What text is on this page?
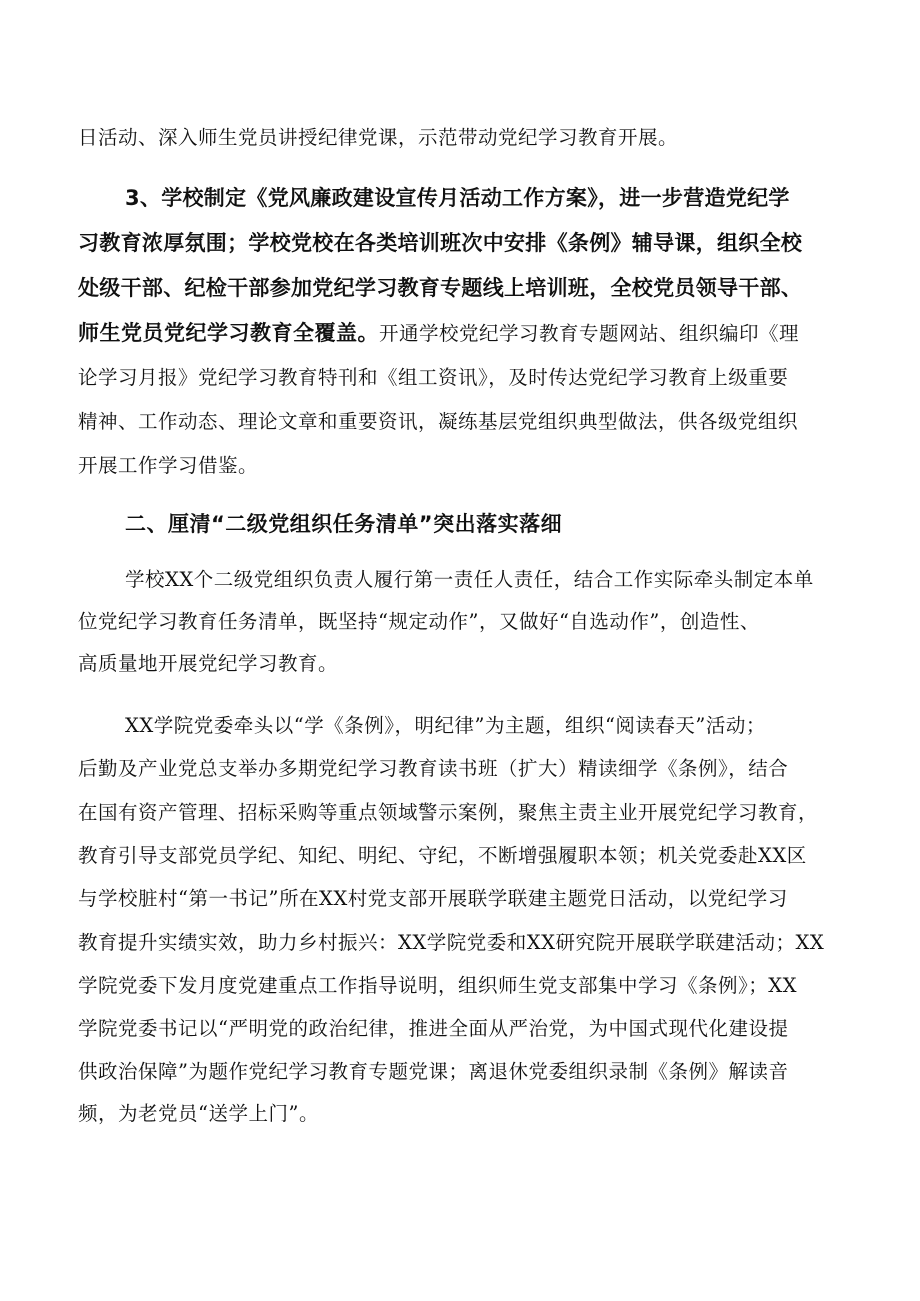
日活动、深入师生党员讲授纪律党课，示范带动党纪学习教育开展。
3、学校制定《党风廉政建设宣传月活动工作方案》，进一步营造党纪学
习教育浓厚氛围；学校党校在各类培训班次中安排《条例》辅导课，组织全校
处级干部、纪检干部参加党纪学习教育专题线上培训班，全校党员领导干部、
师生党员党纪学习教育全覆盖。开通学校党纪学习教育专题网站、组织编印《理
论学习月报》党纪学习教育特刊和《组工资讯》，及时传达党纪学习教育上级重要
精神、工作动态、理论文章和重要资讯，凝练基层党组织典型做法，供各级党组织
开展工作学习借鉴。
二、厘清“二级党组织任务清单”突出落实落细
学校XX个二级党组织负责人履行第一责任人责任，结合工作实际牵头制定本单
位党纪学习教育任务清单，既坚持“规定动作”，又做好“自选动作”，创造性、
高质量地开展党纪学习教育。
XX学院党委牵头以“学《条例》，明纪律”为主题，组织“阅读春天”活动；
后勤及产业党总支举办多期党纪学习教育读书班（扩大）精读细学《条例》，结合
在国有资产管理、招标采购等重点领域警示案例，聚焦主责主业开展党纪学习教育，
教育引导支部党员学纪、知纪、明纪、守纪，不断增强履职本领；机关党委赴XX区
与学校脏村“第一书记”所在XX村党支部开展联学联建主题党日活动，以党纪学习
教育提升实绩实效，助力乡村振兴：XX学院党委和XX研究院开展联学联建活动；XX
学院党委下发月度党建重点工作指导说明，组织师生党支部集中学习《条例》；XX
学院党委书记以“严明党的政治纪律，推进全面从严治党，为中国式现代化建设提
供政治保障”为题作党纪学习教育专题党课；离退休党委组织录制《条例》解读音
频，为老党员“送学上门”。
